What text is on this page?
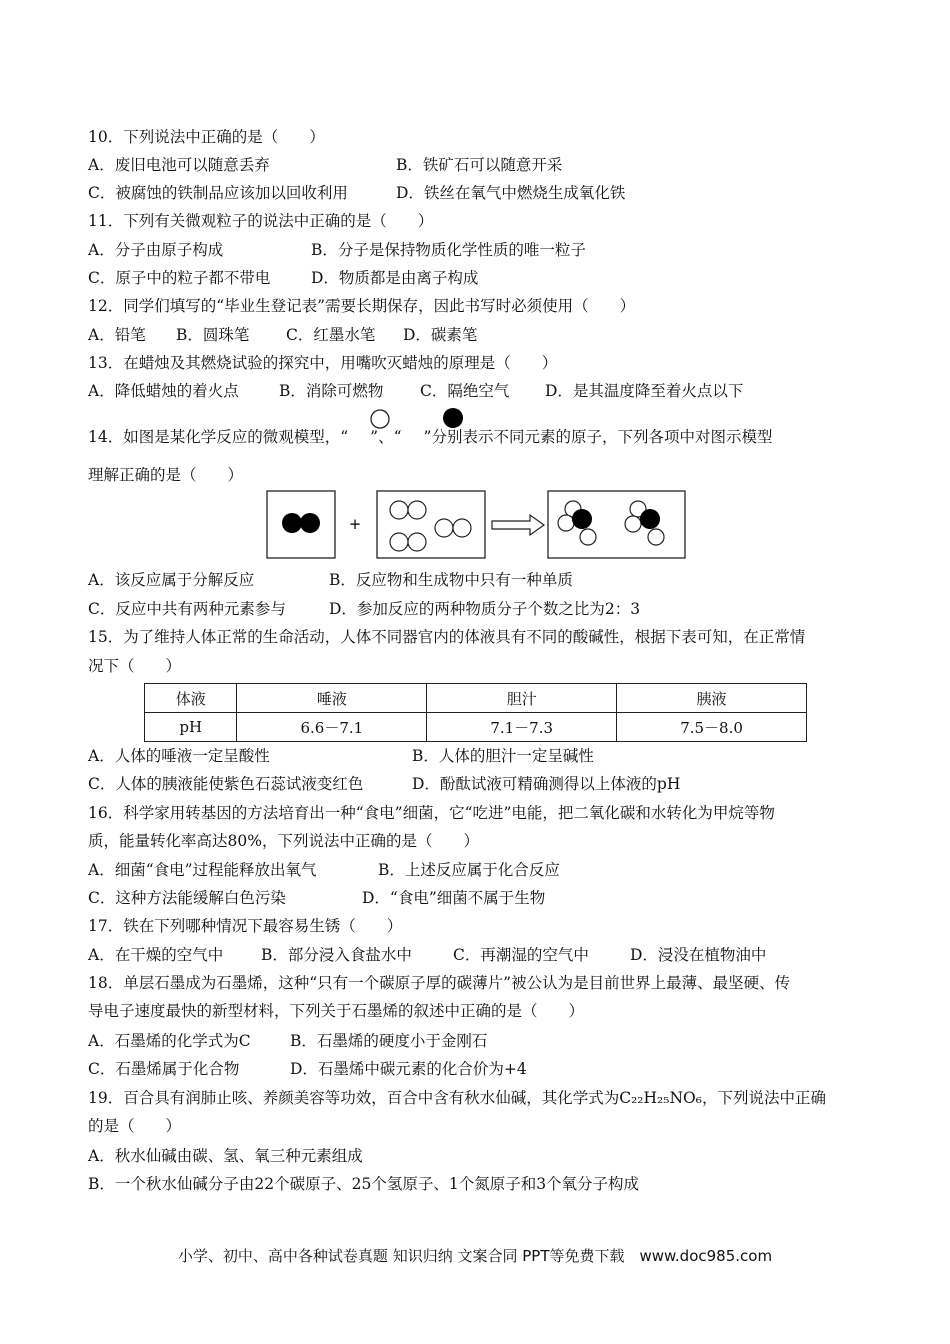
10．下列说法中正确的是（　　）
A．废旧电池可以随意丢弃	B．铁矿石可以随意开采
C．被腐蚀的铁制品应该加以回收利用	D．铁丝在氧气中燃烧生成氧化铁
11．下列有关微观粒子的说法中正确的是（　　）
A．分子由原子构成	B．分子是保持物质化学性质的唯一粒子
C．原子中的粒子都不带电	D．物质都是由离子构成
12．同学们填写的“毕业生登记表”需要长期保存，因此书写时必须使用（　　）
A．铅笔 B．圆珠笔 C．红墨水笔 D．碳素笔
13．在蜡烛及其燃烧试验的探究中，用嘴吹灭蜡烛的原理是（　　）
A．降低蜡烛的着火点	B．消除可燃物 C．隔绝空气 D．是其温度降至着火点以下
14．如图是某化学反应的微观模型，“ ”、“ ”分别表示不同元素的原子，下列各项中对图示模型
理解正确的是（　　）
+
A．该反应属于分解反应	B．反应物和生成物中只有一种单质
C．反应中共有两种元素参与	D．参加反应的两种物质分子个数之比为2：3
15．为了维持人体正常的生命活动，人体不同器官内的体液具有不同的酸碱性，根据下表可知，在正常情
况下（　　）
体液	唾液	胆汁	胰液
pH	6.6－7.1	7.1－7.3	7.5－8.0
A．人体的唾液一定呈酸性	B．人体的胆汁一定呈碱性
C．人体的胰液能使紫色石蕊试液变红色	D．酚酞试液可精确测得以上体液的pH
16．科学家用转基因的方法培育出一种“食电”细菌，它“吃进”电能，把二氧化碳和水转化为甲烷等物
质，能量转化率高达80%，下列说法中正确的是（　　）
A．细菌“食电”过程能释放出氧气	B．上述反应属于化合反应
C．这种方法能缓解白色污染	D．“食电”细菌不属于生物
17．铁在下列哪种情况下最容易生锈（　　）
A．在干燥的空气中 B．部分浸入食盐水中	C．再潮湿的空气中	D．浸没在植物油中
18．单层石墨成为石墨烯，这种“只有一个碳原子厚的碳薄片”被公认为是目前世界上最薄、最坚硬、传
导电子速度最快的新型材料，下列关于石墨烯的叙述中正确的是（　　）
A．石墨烯的化学式为C	B．石墨烯的硬度小于金刚石
C．石墨烯属于化合物	D．石墨烯中碳元素的化合价为+4
19．百合具有润肺止咳、养颜美容等功效，百合中含有秋水仙碱，其化学式为C₂₂H₂₅NO₆，下列说法中正确
的是（　　）
A．秋水仙碱由碳、氢、氧三种元素组成
B．一个秋水仙碱分子由22个碳原子、25个氢原子、1个氮原子和3个氧分子构成
小学、初中、高中各种试卷真题 知识归纳 文案合同 PPT等免费下载　www.doc985.com
